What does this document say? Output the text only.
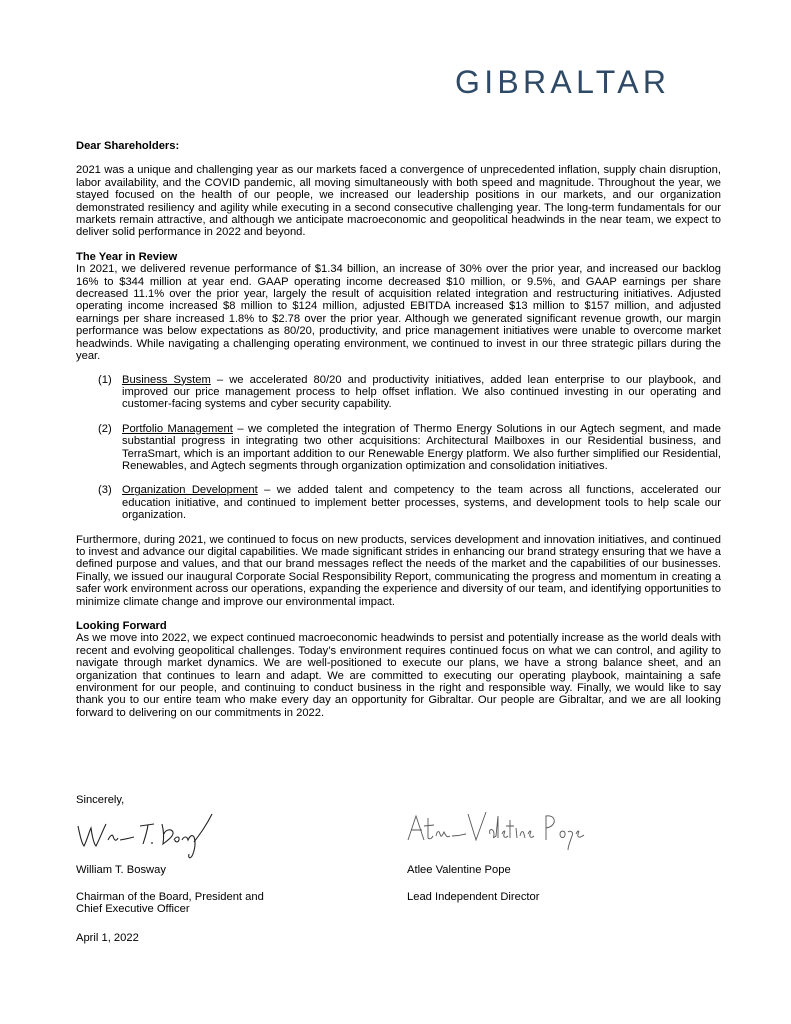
GIBRALTAR

Dear Shareholders:

2021 was a unique and challenging year as our markets faced a convergence of unprecedented inflation, supply chain disruption, labor availability, and the COVID pandemic, all moving simultaneously with both speed and magnitude. Throughout the year, we stayed focused on the health of our people, we increased our leadership positions in our markets, and our organization demonstrated resiliency and agility while executing in a second consecutive challenging year. The long-term fundamentals for our markets remain attractive, and although we anticipate macroeconomic and geopolitical headwinds in the near team, we expect to deliver solid performance in 2022 and beyond.

The Year in Review

In 2021, we delivered revenue performance of $1.34 billion, an increase of 30% over the prior year, and increased our backlog 16% to $344 million at year end. GAAP operating income decreased $10 million, or 9.5%, and GAAP earnings per share decreased 11.1% over the prior year, largely the result of acquisition related integration and restructuring initiatives. Adjusted operating income increased $8 million to $124 million, adjusted EBITDA increased $13 million to $157 million, and adjusted earnings per share increased 1.8% to $2.78 over the prior year. Although we generated significant revenue growth, our margin performance was below expectations as 80/20, productivity, and price management initiatives were unable to overcome market headwinds. While navigating a challenging operating environment, we continued to invest in our three strategic pillars during the year.

(1) Business System – we accelerated 80/20 and productivity initiatives, added lean enterprise to our playbook, and improved our price management process to help offset inflation. We also continued investing in our operating and customer-facing systems and cyber security capability.
(2) Portfolio Management – we completed the integration of Thermo Energy Solutions in our Agtech segment, and made substantial progress in integrating two other acquisitions: Architectural Mailboxes in our Residential business, and TerraSmart, which is an important addition to our Renewable Energy platform. We also further simplified our Residential, Renewables, and Agtech segments through organization optimization and consolidation initiatives.
(3) Organization Development – we added talent and competency to the team across all functions, accelerated our education initiative, and continued to implement better processes, systems, and development tools to help scale our organization.

Furthermore, during 2021, we continued to focus on new products, services development and innovation initiatives, and continued to invest and advance our digital capabilities. We made significant strides in enhancing our brand strategy ensuring that we have a defined purpose and values, and that our brand messages reflect the needs of the market and the capabilities of our businesses. Finally, we issued our inaugural Corporate Social Responsibility Report, communicating the progress and momentum in creating a safer work environment across our operations, expanding the experience and diversity of our team, and identifying opportunities to minimize climate change and improve our environmental impact.

Looking Forward

As we move into 2022, we expect continued macroeconomic headwinds to persist and potentially increase as the world deals with recent and evolving geopolitical challenges. Today’s environment requires continued focus on what we can control, and agility to navigate through market dynamics. We are well-positioned to execute our plans, we have a strong balance sheet, and an organization that continues to learn and adapt. We are committed to executing our operating playbook, maintaining a safe environment for our people, and continuing to conduct business in the right and responsible way. Finally, we would like to say thank you to our entire team who make every day an opportunity for Gibraltar. Our people are Gibraltar, and we are all looking forward to delivering on our commitments in 2022.

Sincerely,
William T. Bosway
Chairman of the Board, President and Chief Executive Officer
Atlee Valentine Pope
Lead Independent Director
April 1, 2022
